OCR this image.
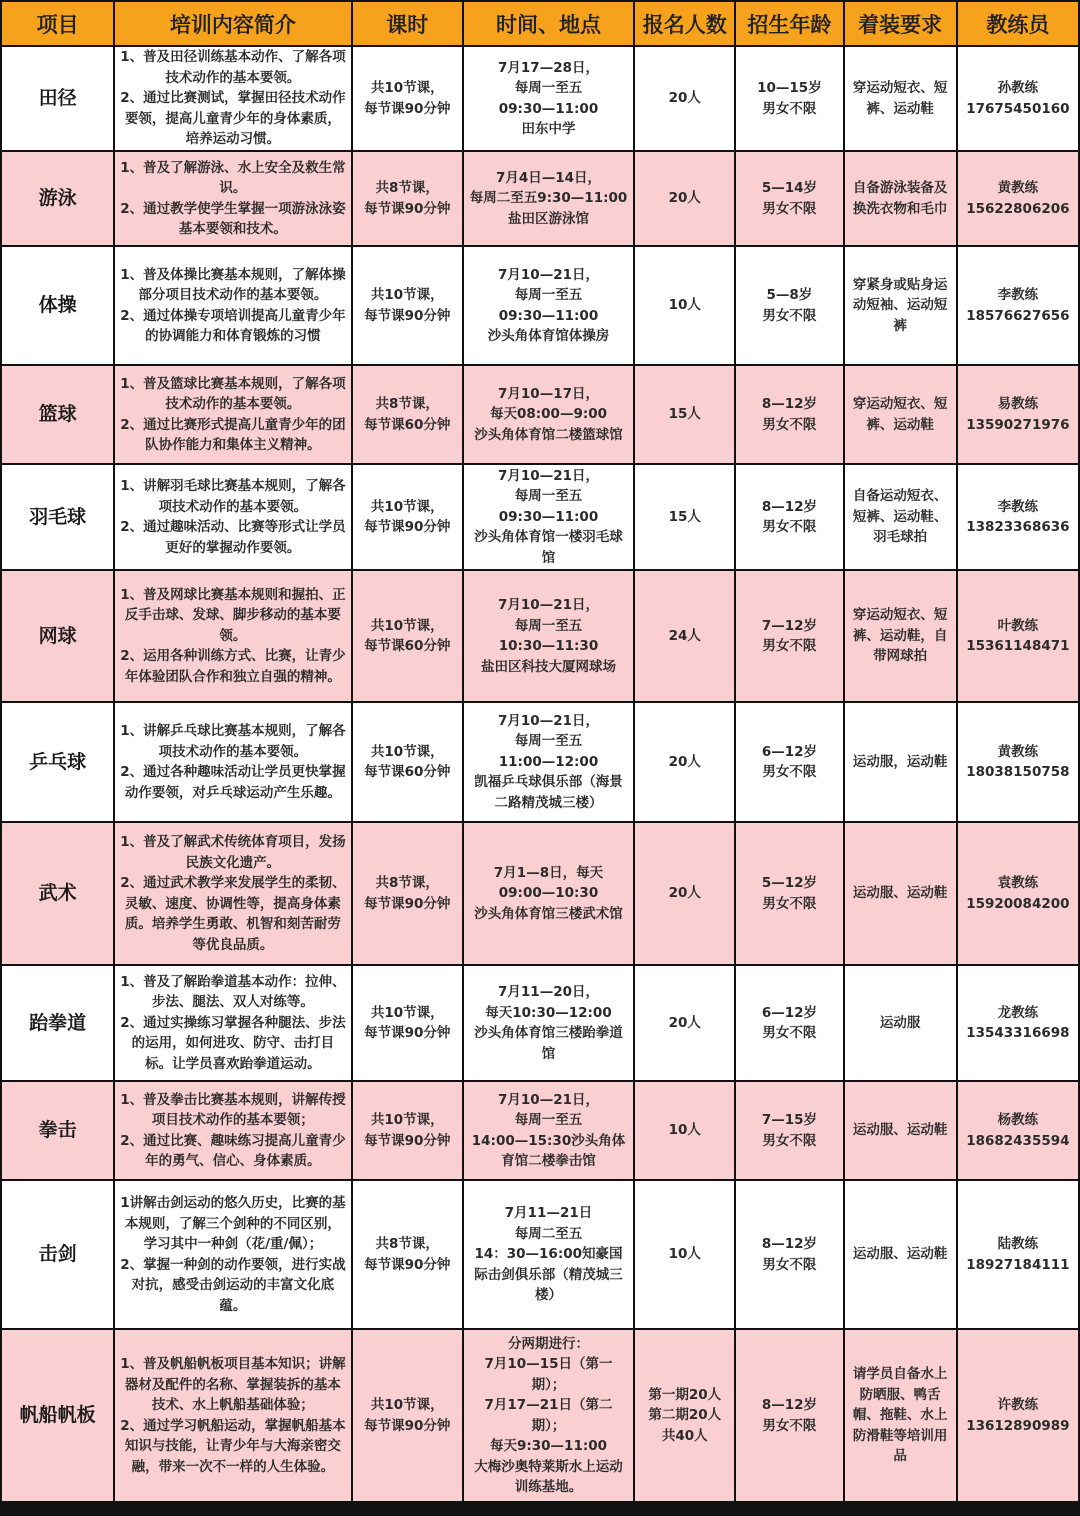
项目	培训内容简介	课时	时间、地点	报名人数	招生年龄	着装要求	教练员
田径	1、普及田径训练基本动作、了解各项技术动作的基本要领。
2、通过比赛测试，掌握田径技术动作要领，提高儿童青少年的身体素质，培养运动习惯。	共10节课，
每节课90分钟	7月17—28日，
每周一至五
09:30—11:00
田东中学	20人	10—15岁
男女不限	穿运动短衣、短裤、运动鞋	孙教练
17675450160

游泳	1、普及了解游泳、水上安全及救生常识。
2、通过教学使学生掌握一项游泳泳姿基本要领和技术。	共8节课，
每节课90分钟	7月4日—14日，
每周二至五9:30—11:00
盐田区游泳馆	20人	5—14岁
男女不限	自备游泳装备及换洗衣物和毛巾	黄教练
15622806206

体操	1、普及体操比赛基本规则，了解体操部分项目技术动作的基本要领。
2、通过体操专项培训提高儿童青少年的协调能力和体育锻炼的习惯	共10节课，
每节课90分钟	7月10—21日，
每周一至五
09:30—11:00
沙头角体育馆体操房	10人	5—8岁
男女不限	穿紧身或贴身运动短袖、运动短裤	李教练
18576627656

篮球	1、普及篮球比赛基本规则，了解各项技术动作的基本要领。
2、通过比赛形式提高儿童青少年的团队协作能力和集体主义精神。	共8节课，
每节课60分钟	7月10—17日，
每天08:00—9:00
沙头角体育馆二楼篮球馆	15人	8—12岁
男女不限	穿运动短衣、短裤、运动鞋	易教练
13590271976

羽毛球	1、讲解羽毛球比赛基本规则，了解各项技术动作的基本要领。
2、通过趣味活动、比赛等形式让学员更好的掌握动作要领。	共10节课，
每节课90分钟	7月10—21日，
每周一至五
09:30—11:00
沙头角体育馆一楼羽毛球馆	15人	8—12岁
男女不限	自备运动短衣、短裤、运动鞋、羽毛球拍	李教练
13823368636

网球	1、普及网球比赛基本规则和握拍、正反手击球、发球、脚步移动的基本要领。
2、运用各种训练方式、比赛，让青少年体验团队合作和独立自强的精神。	共10节课，
每节课60分钟	7月10—21日，
每周一至五
10:30—11:30
盐田区科技大厦网球场	24人	7—12岁
男女不限	穿运动短衣、短裤、运动鞋，自带网球拍	叶教练
15361148471

乒乓球	1、讲解乒乓球比赛基本规则，了解各项技术动作的基本要领。
2、通过各种趣味活动让学员更快掌握动作要领，对乒乓球运动产生乐趣。	共10节课，
每节课60分钟	7月10—21日，
每周一至五
11:00—12:00
凯福乒乓球俱乐部（海景二路精茂城三楼）	20人	6—12岁
男女不限	运动服，运动鞋	黄教练
18038150758

武术	1、普及了解武术传统体育项目，发扬民族文化遗产。
2、通过武术教学来发展学生的柔韧、灵敏、速度、协调性等，提高身体素质。培养学生勇敢、机智和刻苦耐劳等优良品质。	共8节课，
每节课90分钟	7月1—8日，每天
09:00—10:30
沙头角体育馆三楼武术馆	20人	5—12岁
男女不限	运动服、运动鞋	袁教练
15920084200

跆拳道	1、普及了解跆拳道基本动作：拉伸、步法、腿法、双人对练等。
2、通过实操练习掌握各种腿法、步法的运用，如何进攻、防守、击打目标。让学员喜欢跆拳道运动。	共10节课，
每节课90分钟	7月11—20日，
每天10:30—12:00
沙头角体育馆三楼跆拳道馆	20人	6—12岁
男女不限	运动服	龙教练
13543316698

拳击	1、普及拳击比赛基本规则，讲解传授项目技术动作的基本要领；
2、通过比赛、趣味练习提高儿童青少年的勇气、信心、身体素质。	共10节课，
每节课90分钟	7月10—21日，
每周一至五
14:00—15:30沙头角体育馆二楼拳击馆	10人	7—15岁
男女不限	运动服、运动鞋	杨教练
18682435594

击剑	1讲解击剑运动的悠久历史，比赛的基本规则，了解三个剑种的不同区别，学习其中一种剑（花/重/佩）；
2、掌握一种剑的动作要领，进行实战对抗，感受击剑运动的丰富文化底蕴。	共8节课，
每节课90分钟	7月11—21日
每周二至五
14：30—16:00知豪国际击剑俱乐部（精茂城三楼）	10人	8—12岁
男女不限	运动服、运动鞋	陆教练
18927184111

帆船帆板	1、普及帆船帆板项目基本知识；讲解器材及配件的名称、掌握装拆的基本技术、水上帆船基础体验；
2、通过学习帆船运动，掌握帆船基本知识与技能，让青少年与大海亲密交融，带来一次不一样的人生体验。	共10节课，
每节课90分钟	分两期进行：
7月10—15日（第一期）；
7月17—21日（第二期）；
每天9:30—11:00
大梅沙奥特莱斯水上运动训练基地。	第一期20人
第二期20人
共40人	8—12岁
男女不限	请学员自备水上防晒服、鸭舌帽、拖鞋、水上防滑鞋等培训用品	许教练
13612890989
